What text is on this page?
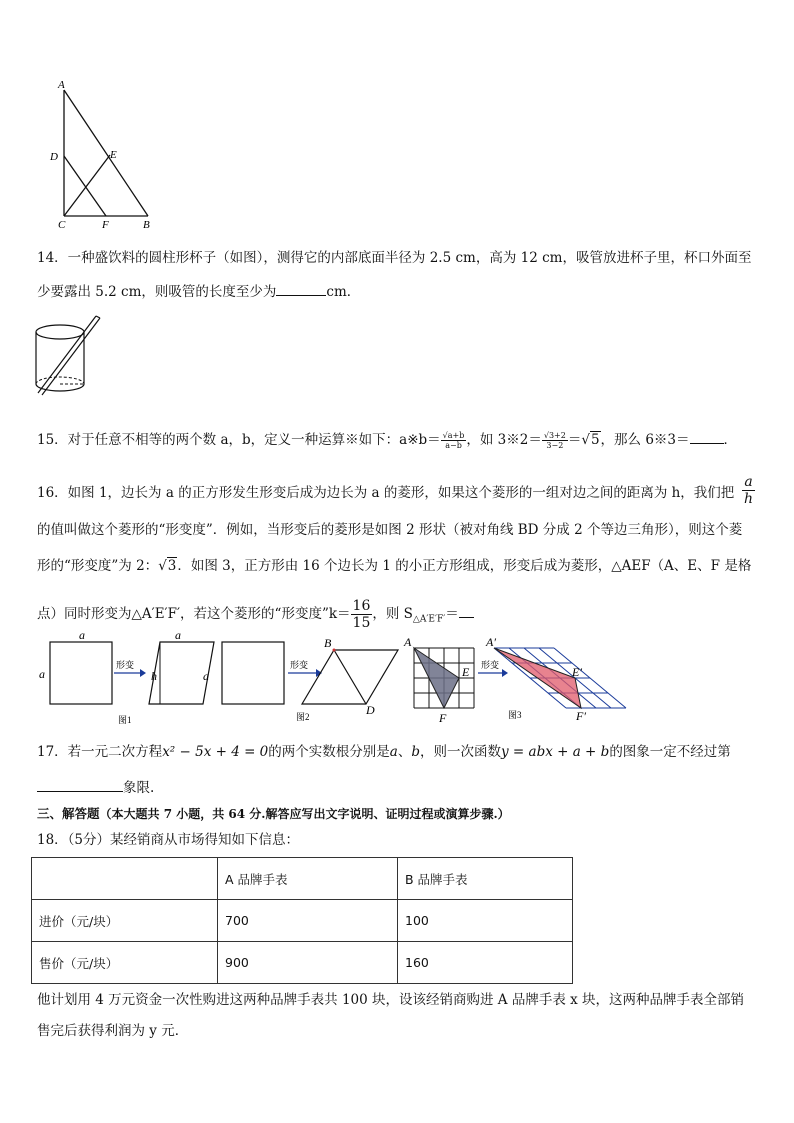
A
D	E
C	F	B
14．一种盛饮料的圆柱形杯子（如图），测得它的内部底面半径为 2.5 cm，高为 12 cm，吸管放进杯子里，杯口外面至
少要露出 5.2 cm，则吸管的长度至少为	cm．
15．对于任意不相等的两个数 a，b，定义一种运算※如下：a※b＝ $\frac{√a+b}{a-b}$ ，如 3※2＝ $\frac{√3+2}{3-2} =√5$，那么 6※3＝	．
16．如图 1，边长为 a 的正方形发生形变后成为边长为 a 的菱形，如果这个菱形的一组对边之间的距离为 h，我们把 $\frac{a}{h}$
的值叫做这个菱形的“形变度”．例如，当形变后的菱形是如图 2 形状（被对角线 BD 分成 2 个等边三角形），则这个菱
形的“形变度”为 2：√3．如图 3，正方形由 16 个边长为 1 的小正方形组成，形变后成为菱形，△AEF（A、E、F 是格
点）同时形变为△A′E′F′，若这个菱形的“形变度”k＝ $\frac{16}{15}$ ，则 $S_{\triangle A'E'F'}=$
a
a
形变
a
h	a
图1
形变
B
D
图2
A
E
F
形变
A′
E′
F′
图3
17．若一元二次方程x² − 5x + 4 = 0的两个实数根分别是a、b，则一次函数y = abx + a + b的图象一定不经过第
象限.
三、解答题（本大题共 7 小题，共 64 分.解答应写出文字说明、证明过程或演算步骤.）
18．（5分）某经销商从市场得知如下信息：
	A 品牌手表	B 品牌手表
进价（元/块）	700	100
售价（元/块）	900	160
他计划用 4 万元资金一次性购进这两种品牌手表共 100 块，设该经销商购进 A 品牌手表 x 块，这两种品牌手表全部销
售完后获得利润为 y 元．
